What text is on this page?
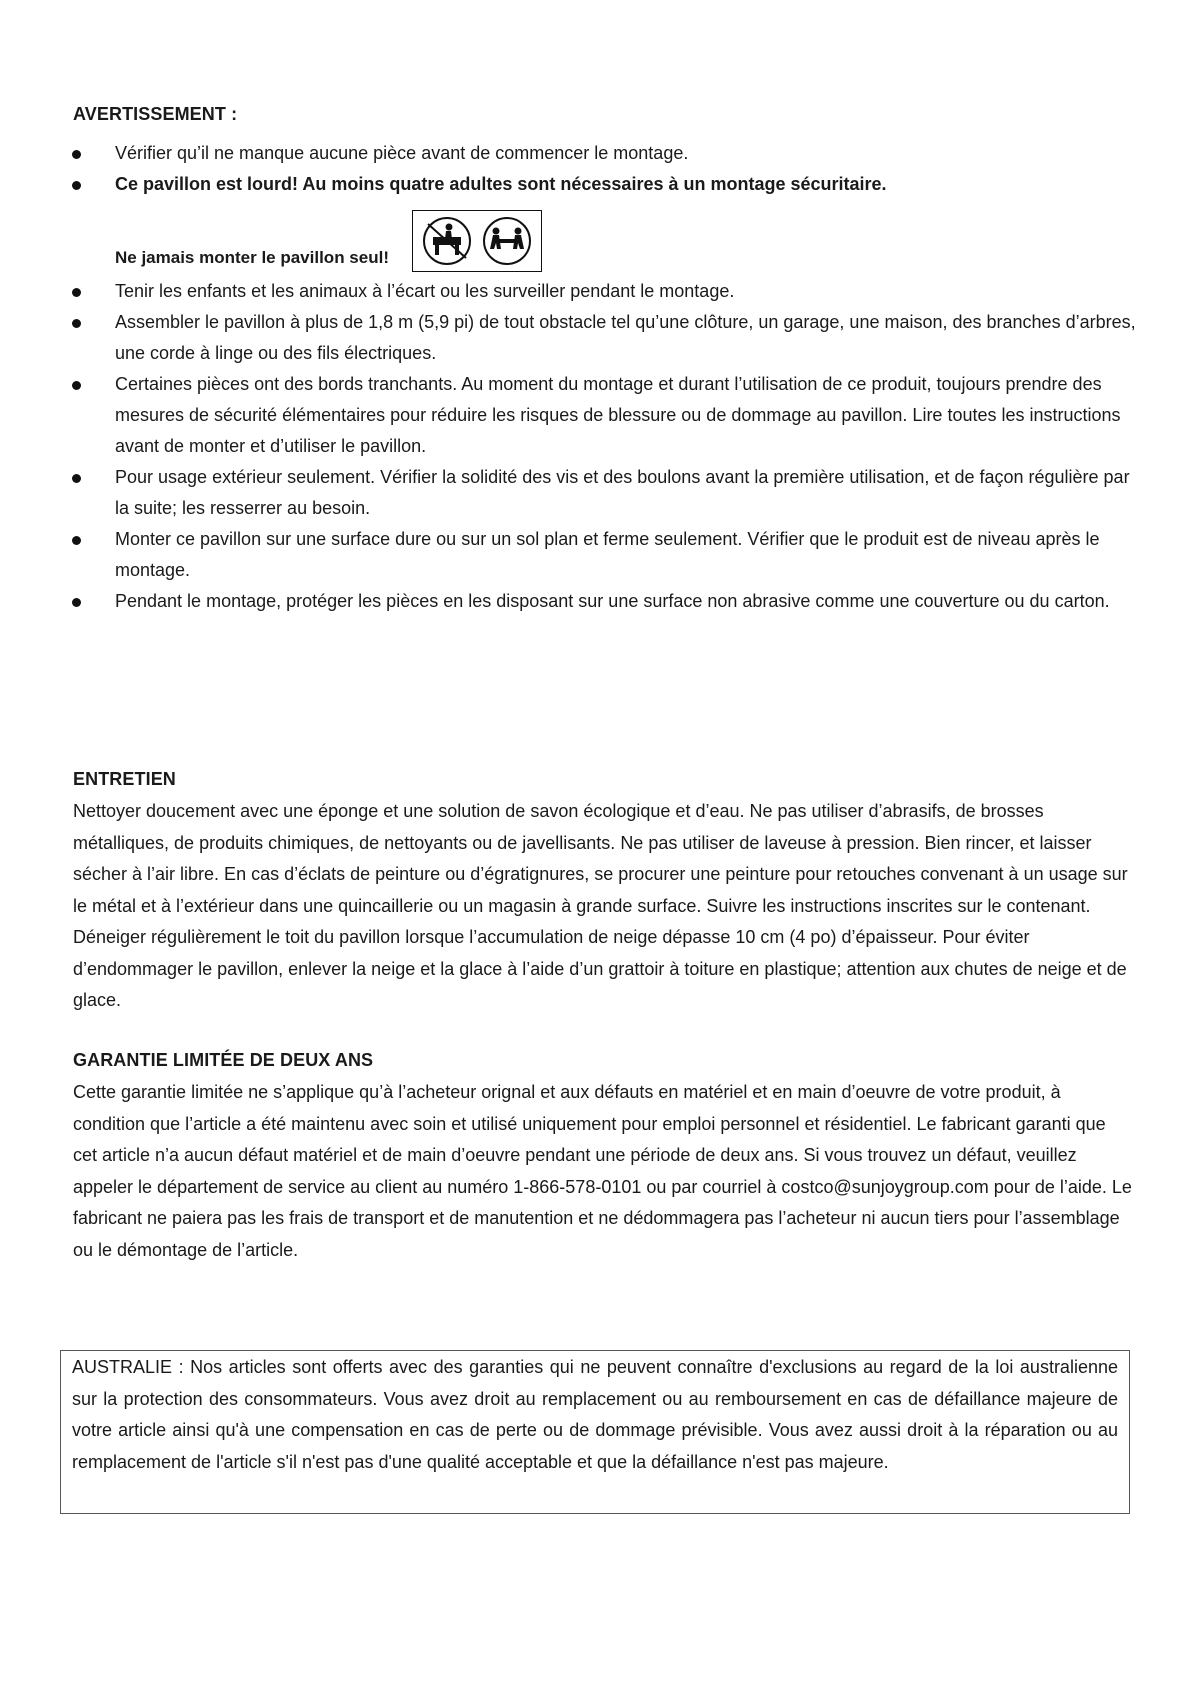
AVERTISSEMENT :
Vérifier qu’il ne manque aucune pièce avant de commencer le montage.
Ce pavillon est lourd! Au moins quatre adultes sont nécessaires à un montage sécuritaire.
Ne jamais monter le pavillon seul!
Tenir les enfants et les animaux à l’écart ou les surveiller pendant le montage.
Assembler le pavillon à plus de 1,8 m (5,9 pi) de tout obstacle tel qu’une clôture, un garage, une maison, des branches d’arbres, une corde à linge ou des fils électriques.
Certaines pièces ont des bords tranchants. Au moment du montage et durant l’utilisation de ce produit, toujours prendre des mesures de sécurité élémentaires pour réduire les risques de blessure ou de dommage au pavillon. Lire toutes les instructions avant de monter et d’utiliser le pavillon.
Pour usage extérieur seulement. Vérifier la solidité des vis et des boulons avant la première utilisation, et de façon régulière par la suite; les resserrer au besoin.
Monter ce pavillon sur une surface dure ou sur un sol plan et ferme seulement. Vérifier que le produit est de niveau après le montage.
Pendant le montage, protéger les pièces en les disposant sur une surface non abrasive comme une couverture ou du carton.
ENTRETIEN

Nettoyer doucement avec une éponge et une solution de savon écologique et d’eau. Ne pas utiliser d’abrasifs, de brosses métalliques, de produits chimiques, de nettoyants ou de javellisants. Ne pas utiliser de laveuse à pression. Bien rincer, et laisser sécher à l’air libre. En cas d’éclats de peinture ou d’égratignures, se procurer une peinture pour retouches convenant à un usage sur le métal et à l’extérieur dans une quincaillerie ou un magasin à grande surface. Suivre les instructions inscrites sur le contenant. Déneiger régulièrement le toit du pavillon lorsque l’accumulation de neige dépasse 10 cm (4 po) d’épaisseur. Pour éviter d’endommager le pavillon, enlever la neige et la glace à l’aide d’un grattoir à toiture en plastique; attention aux chutes de neige et de glace.

GARANTIE LIMITÉE DE DEUX ANS

Cette garantie limitée ne s’applique qu’à l’acheteur orignal et aux défauts en matériel et en main d’oeuvre de votre produit, à condition que l’article a été maintenu avec soin et utilisé uniquement pour emploi personnel et résidentiel. Le fabricant garanti que cet article n’a aucun défaut matériel et de main d’oeuvre pendant une période de deux ans. Si vous trouvez un défaut, veuillez appeler le département de service au client au numéro 1-866-578-0101 ou par courriel à costco@sunjoygroup.com pour de l’aide. Le fabricant ne paiera pas les frais de transport et de manutention et ne dédommagera pas l’acheteur ni aucun tiers pour l’assemblage ou le démontage de l’article.

AUSTRALIE : Nos articles sont offerts avec des garanties qui ne peuvent connaître d'exclusions au regard de la loi australienne sur la protection des consommateurs. Vous avez droit au remplacement ou au remboursement en cas de défaillance majeure de votre article ainsi qu'à une compensation en cas de perte ou de dommage prévisible. Vous avez aussi droit à la réparation ou au remplacement de l'article s'il n'est pas d'une qualité acceptable et que la défaillance n'est pas majeure.
